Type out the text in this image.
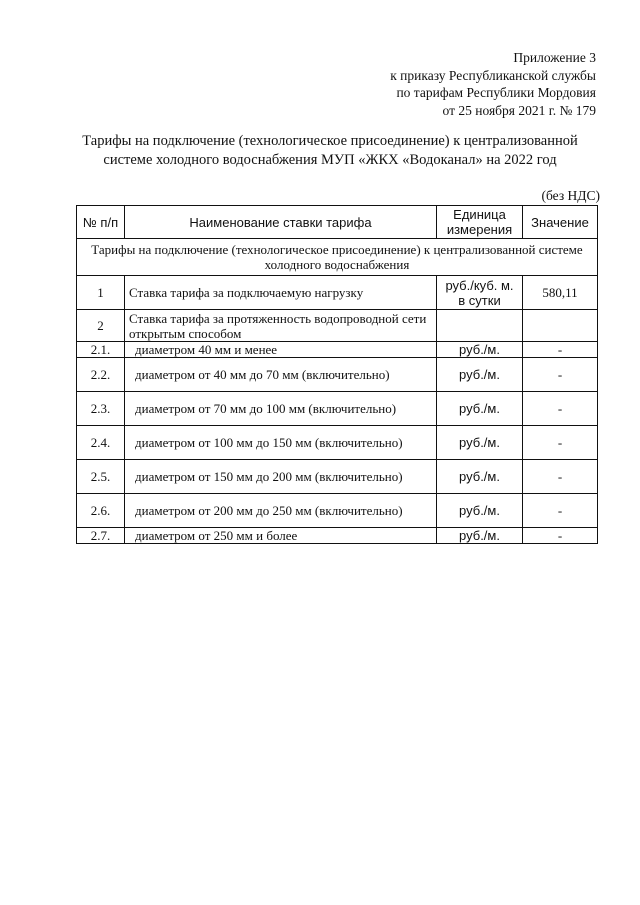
Приложение 3
к приказу Республиканской службы
по тарифам Республики Мордовия
от 25 ноября 2021 г. № 179
Тарифы на подключение (технологическое присоединение) к централизованной
системе холодного водоснабжения МУП «ЖКХ «Водоканал» на 2022 год
(без НДС)
№ п/п	Наименование ставки тарифа	Единица измерения	Значение
Тарифы на подключение (технологическое присоединение) к централизованной системе холодного водоснабжения			
1	Ставка тарифа за подключаемую нагрузку	руб./куб. м. в сутки	580,11
2	Ставка тарифа за протяженность водопроводной сети открытым способом		
2.1.	диаметром 40 мм и менее	руб./м.	-
2.2.	диаметром от 40 мм до 70 мм (включительно)	руб./м.	-
2.3.	диаметром от 70 мм до 100 мм (включительно)	руб./м.	-
2.4.	диаметром от 100 мм до 150 мм (включительно)	руб./м.	-
2.5.	диаметром от 150 мм до 200 мм (включительно)	руб./м.	-
2.6.	диаметром от 200 мм до 250 мм (включительно)	руб./м.	-
2.7.	диаметром от 250 мм и более	руб./м.	-
